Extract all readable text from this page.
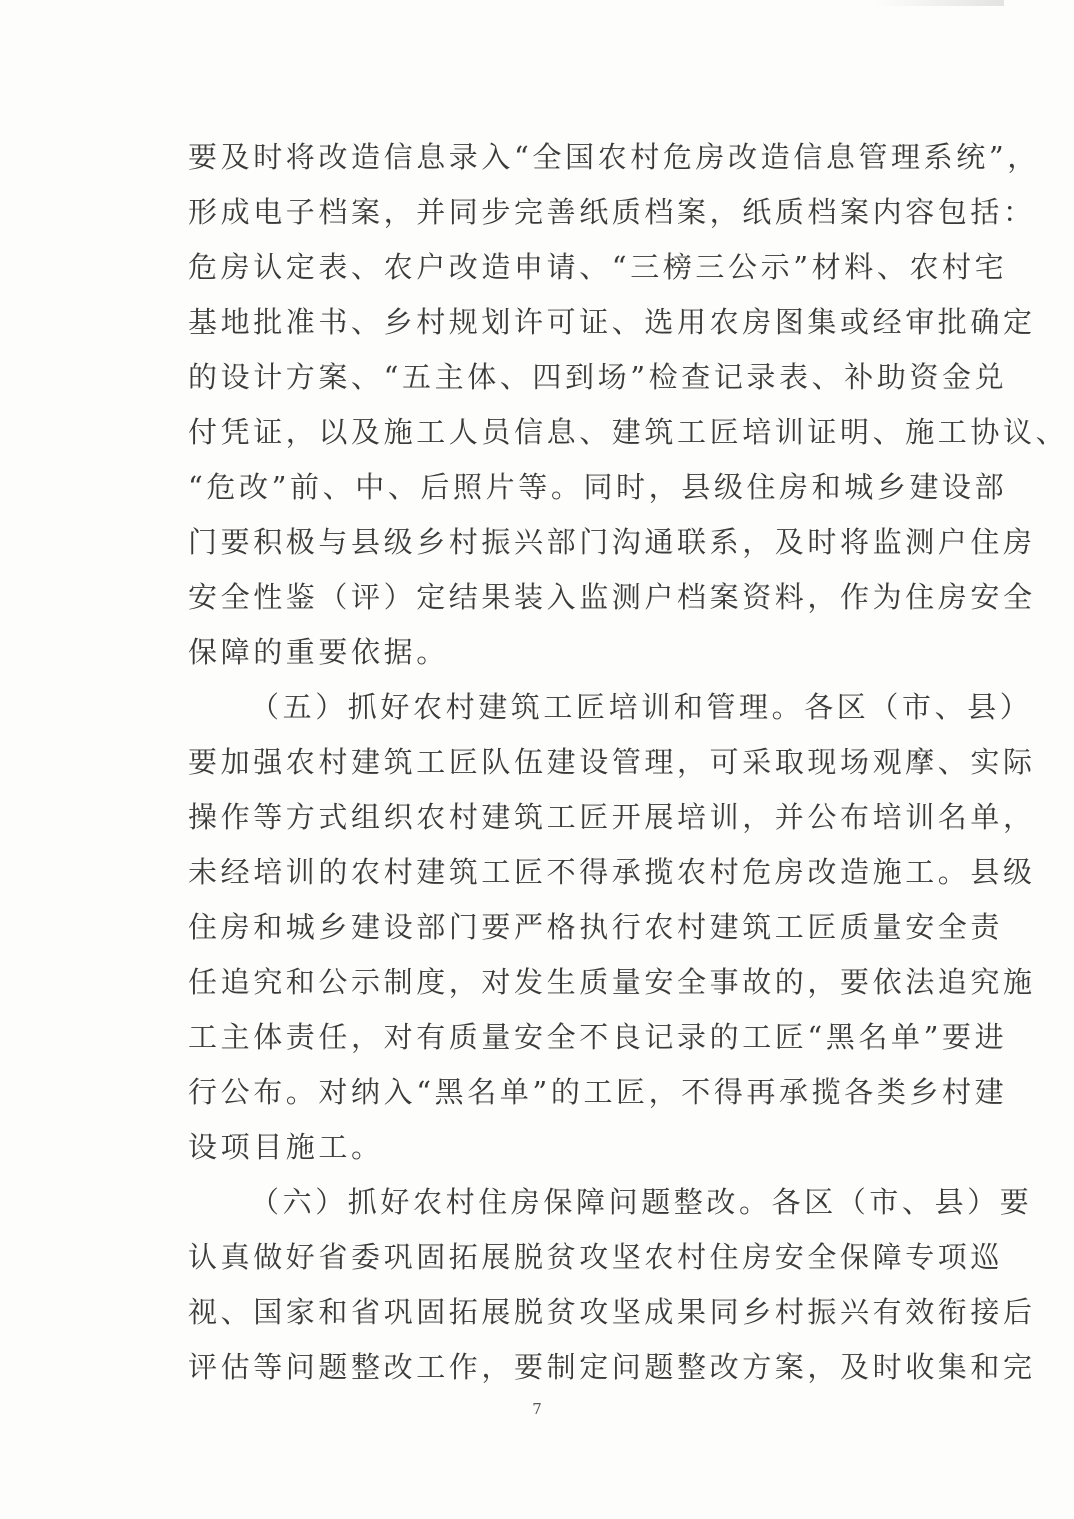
要及时将改造信息录入“全国农村危房改造信息管理系统”，
形成电子档案，并同步完善纸质档案，纸质档案内容包括：
危房认定表、农户改造申请、“三榜三公示”材料、农村宅
基地批准书、乡村规划许可证、选用农房图集或经审批确定
的设计方案、“五主体、四到场”检查记录表、补助资金兑
付凭证，以及施工人员信息、建筑工匠培训证明、施工协议、
“危改”前、中、后照片等。同时，县级住房和城乡建设部
门要积极与县级乡村振兴部门沟通联系，及时将监测户住房
安全性鉴（评）定结果装入监测户档案资料，作为住房安全
保障的重要依据。
（五）抓好农村建筑工匠培训和管理。各区（市、县）
要加强农村建筑工匠队伍建设管理，可采取现场观摩、实际
操作等方式组织农村建筑工匠开展培训，并公布培训名单，
未经培训的农村建筑工匠不得承揽农村危房改造施工。县级
住房和城乡建设部门要严格执行农村建筑工匠质量安全责
任追究和公示制度，对发生质量安全事故的，要依法追究施
工主体责任，对有质量安全不良记录的工匠“黑名单”要进
行公布。对纳入“黑名单”的工匠，不得再承揽各类乡村建
设项目施工。
（六）抓好农村住房保障问题整改。各区（市、县）要
认真做好省委巩固拓展脱贫攻坚农村住房安全保障专项巡
视、国家和省巩固拓展脱贫攻坚成果同乡村振兴有效衔接后
评估等问题整改工作，要制定问题整改方案，及时收集和完
7
